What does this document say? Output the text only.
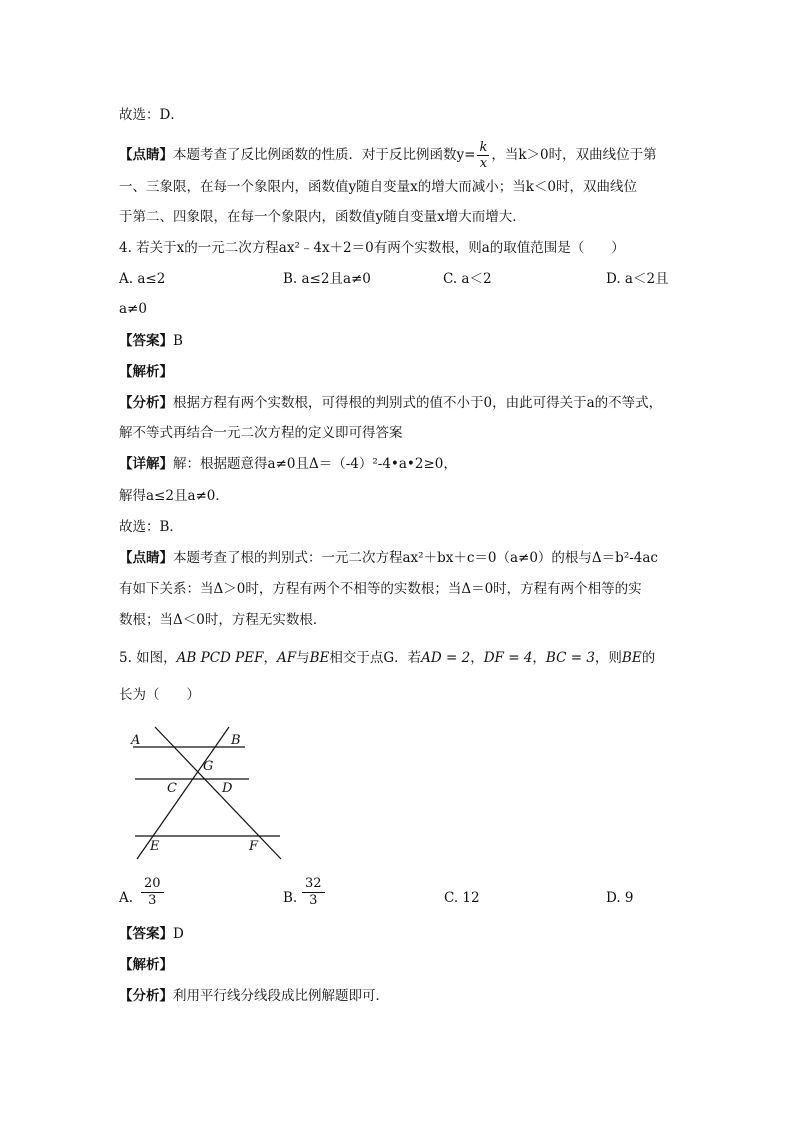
故选：D．
【点睛】本题考查了反比例函数的性质．对于反比例函数$y= \frac{k}{x}$ ，当k＞0时，双曲线位于第
一、三象限，在每一个象限内，函数值y随自变量x的增大而减小；当k＜0时，双曲线位
于第二、四象限，在每一个象限内，函数值y随自变量x增大而增大．
4. 若关于x的一元二次方程ax²﹣4x＋2＝0有两个实数根，则a的取值范围是（　　）
A. a≤2	B. a≤2且a≠0	C. a＜2	D. a＜2且
a≠0
【答案】B
【解析】
【分析】根据方程有两个实数根，可得根的判别式的值不小于0，由此可得关于a的不等式，
解不等式再结合一元二次方程的定义即可得答案
【详解】解：根据题意得a≠0且Δ＝（-4）²-4•a•2≥0，
解得a≤2且a≠0．
故选：B．
【点睛】本题考查了根的判别式：一元二次方程ax²＋bx＋c＝0（a≠0）的根与Δ＝b²-4ac
有如下关系：当Δ＞0时，方程有两个不相等的实数根；当Δ＝0时，方程有两个相等的实
数根；当Δ＜0时，方程无实数根．
5. 如图，AB PCD PEF，AF与BE相交于点G．若AD = 2，DF = 4，BC = 3，则BE的
长为（　　）
A	B
G
C	D
E	F
A. $\frac{20}{3}$	B. $\frac{32}{3}$	C. 12	D. 9
【答案】D
【解析】
【分析】利用平行线分线段成比例解题即可．
